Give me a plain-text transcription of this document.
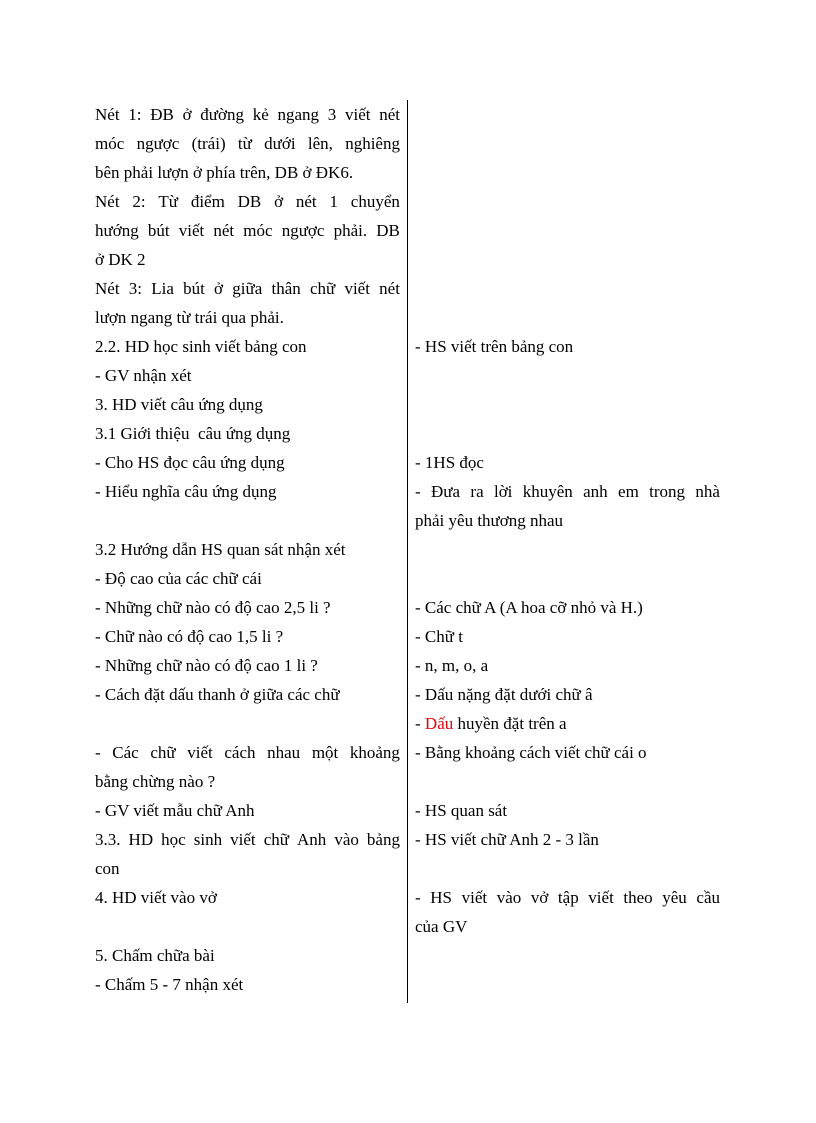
Nét 1: ĐB ở đường kẻ ngang 3 viết nét
móc ngược (trái) từ dưới lên, nghiêng
bên phải lượn ở phía trên, DB ở ĐK6.
Nét 2: Từ điểm DB ở nét 1 chuyển
hướng bút viết nét móc ngược phải. DB
ở DK 2
Nét 3: Lia bút ở giữa thân chữ viết nét
lượn ngang từ trái qua phải.
2.2. HD học sinh viết bảng con
- GV nhận xét
3. HD viết câu ứng dụng
3.1 Giới thiệu  câu ứng dụng
- Cho HS đọc câu ứng dụng
- Hiểu nghĩa câu ứng dụng
3.2 Hướng dẫn HS quan sát nhận xét
- Độ cao của các chữ cái
- Những chữ nào có độ cao 2,5 li ?
- Chữ nào có độ cao 1,5 li ?
- Những chữ nào có độ cao 1 li ?
- Cách đặt dấu thanh ở giữa các chữ
- Các chữ viết cách nhau một khoảng
bằng chừng nào ?
- GV viết mẫu chữ Anh
3.3. HD học sinh viết chữ Anh vào bảng
con
4. HD viết vào vở
5. Chấm chữa bài
- Chấm 5 - 7 nhận xét
- HS viết trên bảng con
- 1HS đọc
- Đưa ra lời khuyên anh em trong nhà
phải yêu thương nhau
- Các chữ A (A hoa cỡ nhỏ và H.)
- Chữ t
- n, m, o, a
- Dấu nặng đặt dưới chữ â
- Dấu huyền đặt trên a
- Bằng khoảng cách viết chữ cái o
- HS quan sát
- HS viết chữ Anh 2 - 3 lần
- HS viết vào vở tập viết theo yêu cầu
của GV
